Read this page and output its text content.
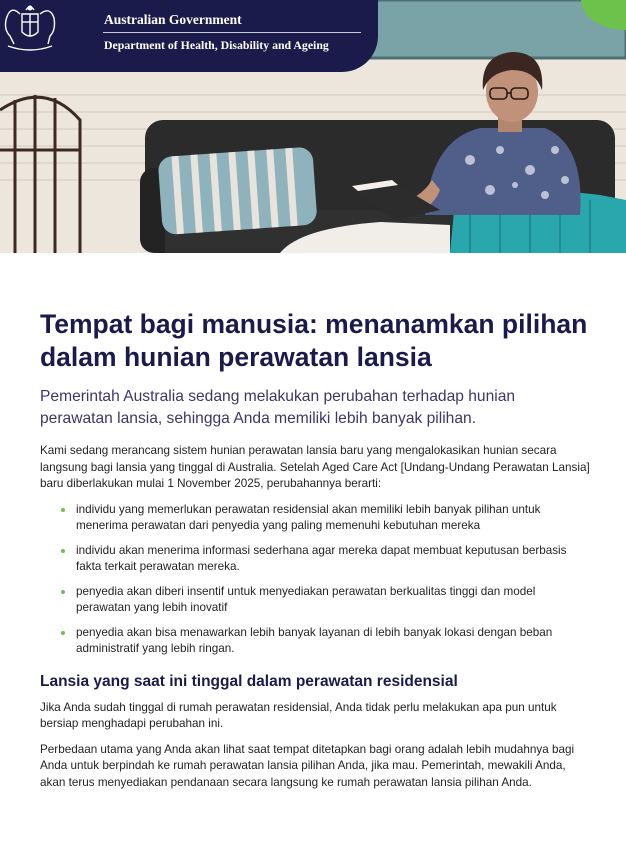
Australian Government
Department of Health, Disability and Ageing
Tempat bagi manusia: menanamkan pilihan dalam hunian perawatan lansia

Pemerintah Australia sedang melakukan perubahan terhadap hunian perawatan lansia, sehingga Anda memiliki lebih banyak pilihan.

Kami sedang merancang sistem hunian perawatan lansia baru yang mengalokasikan hunian secara langsung bagi lansia yang tinggal di Australia. Setelah Aged Care Act [Undang-Undang Perawatan Lansia] baru diberlakukan mulai 1 November 2025, perubahannya berarti:

individu yang memerlukan perawatan residensial akan memiliki lebih banyak pilihan untuk menerima perawatan dari penyedia yang paling memenuhi kebutuhan mereka
individu akan menerima informasi sederhana agar mereka dapat membuat keputusan berbasis fakta terkait perawatan mereka.
penyedia akan diberi insentif untuk menyediakan perawatan berkualitas tinggi dan model perawatan yang lebih inovatif
penyedia akan bisa menawarkan lebih banyak layanan di lebih banyak lokasi dengan beban administratif yang lebih ringan.
Lansia yang saat ini tinggal dalam perawatan residensial

Jika Anda sudah tinggal di rumah perawatan residensial, Anda tidak perlu melakukan apa pun untuk bersiap menghadapi perubahan ini.

Perbedaan utama yang Anda akan lihat saat tempat ditetapkan bagi orang adalah lebih mudahnya bagi Anda untuk berpindah ke rumah perawatan lansia pilihan Anda, jika mau. Pemerintah, mewakili Anda, akan terus menyediakan pendanaan secara langsung ke rumah perawatan lansia pilihan Anda.
